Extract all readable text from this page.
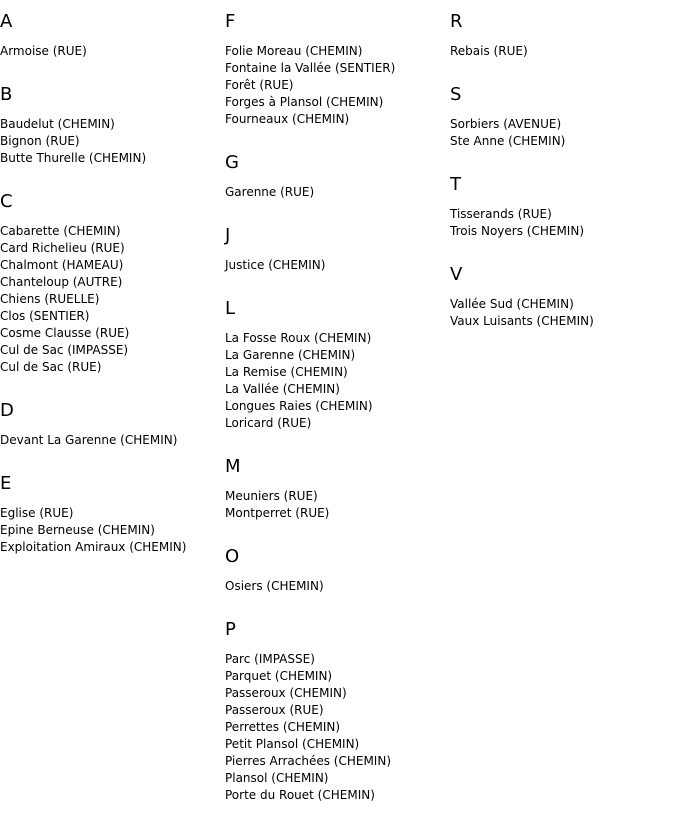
A
Armoise (RUE)
B
Baudelut (CHEMIN)
Bignon (RUE)
Butte Thurelle (CHEMIN)
C
Cabarette (CHEMIN)
Card Richelieu (RUE)
Chalmont (HAMEAU)
Chanteloup (AUTRE)
Chiens (RUELLE)
Clos (SENTIER)
Cosme Clausse (RUE)
Cul de Sac (IMPASSE)
Cul de Sac (RUE)
D
Devant La Garenne (CHEMIN)
E
Eglise (RUE)
Epine Berneuse (CHEMIN)
Exploitation Amiraux (CHEMIN)
F
Folie Moreau (CHEMIN)
Fontaine la Vallée (SENTIER)
Forêt (RUE)
Forges à Plansol (CHEMIN)
Fourneaux (CHEMIN)
G
Garenne (RUE)
J
Justice (CHEMIN)
L
La Fosse Roux (CHEMIN)
La Garenne (CHEMIN)
La Remise (CHEMIN)
La Vallée (CHEMIN)
Longues Raies (CHEMIN)
Loricard (RUE)
M
Meuniers (RUE)
Montperret (RUE)
O
Osiers (CHEMIN)
P
Parc (IMPASSE)
Parquet (CHEMIN)
Passeroux (CHEMIN)
Passeroux (RUE)
Perrettes (CHEMIN)
Petit Plansol (CHEMIN)
Pierres Arrachées (CHEMIN)
Plansol (CHEMIN)
Porte du Rouet (CHEMIN)
R
Rebais (RUE)
S
Sorbiers (AVENUE)
Ste Anne (CHEMIN)
T
Tisserands (RUE)
Trois Noyers (CHEMIN)
V
Vallée Sud (CHEMIN)
Vaux Luisants (CHEMIN)
